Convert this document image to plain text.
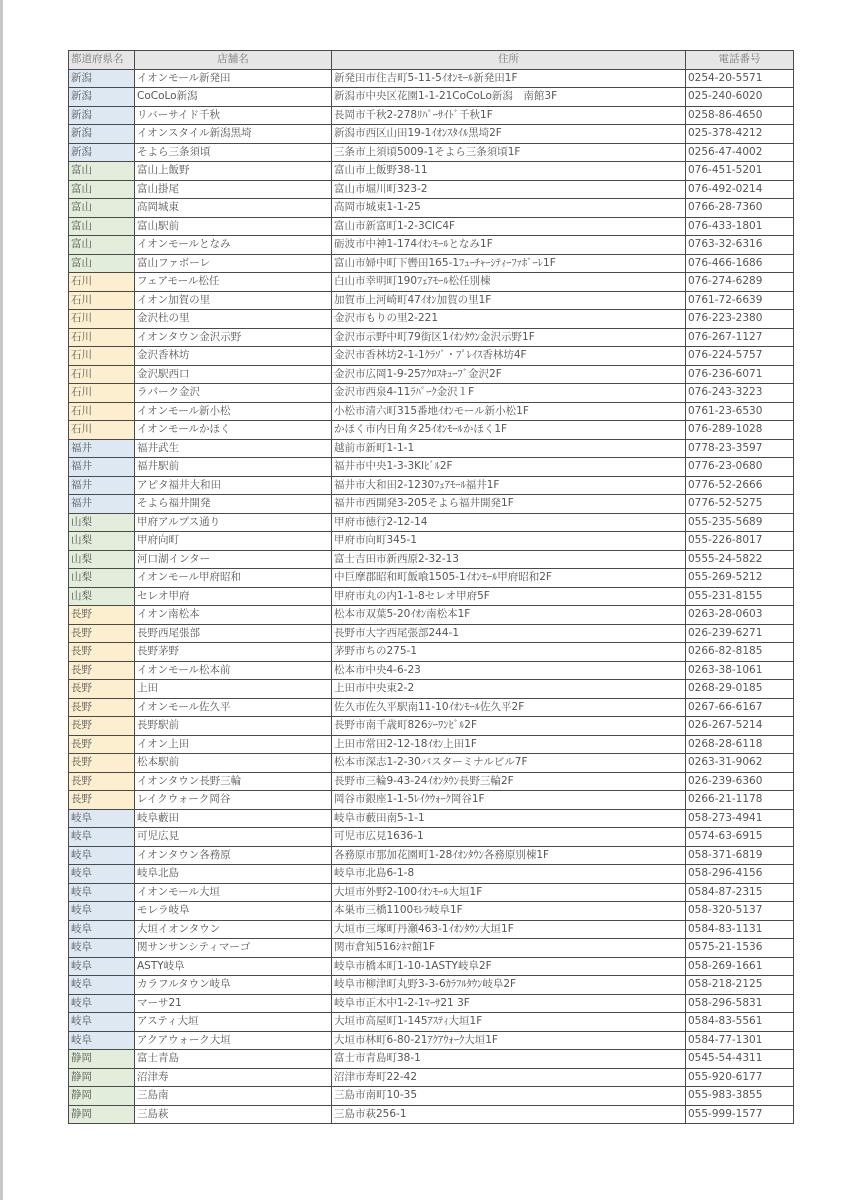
都道府県名	店舗名	住所	電話番号
新潟	イオンモール新発田	新発田市住吉町5-11-5ｲｵﾝﾓｰﾙ新発田1F	0254-20-5571
新潟	CoCoLo新潟	新潟市中央区花園1-1-21CoCoLo新潟　南館3F	025-240-6020
新潟	リバーサイド千秋	長岡市千秋2-278ﾘﾊﾞｰｻｲﾄﾞ千秋1F	0258-86-4650
新潟	イオンスタイル新潟黒埼	新潟市西区山田19-1ｲｵﾝｽﾀｲﾙ黒埼2F	025-378-4212
新潟	そよら三条須頃	三条市上須頃5009-1そよら三条須頃1F	0256-47-4002
富山	富山上飯野	富山市上飯野38-11	076-451-5201
富山	富山掛尾	富山市堀川町323-2	076-492-0214
富山	高岡城東	高岡市城東1-1-25	0766-28-7360
富山	富山駅前	富山市新富町1-2-3CIC4F	076-433-1801
富山	イオンモールとなみ	砺波市中神1-174ｲｵﾝﾓｰﾙとなみ1F	0763-32-6316
富山	富山ファボーレ	富山市婦中町下轡田165-1ﾌｭｰﾁｬｰｼﾃｨｰﾌｧﾎﾞｰﾚ1F	076-466-1686
石川	フェアモール松任	白山市幸明町190ﾌｪｱﾓｰﾙ松任別棟	076-274-6289
石川	イオン加賀の里	加賀市上河崎町47ｲｵﾝ加賀の里1F	0761-72-6639
石川	金沢杜の里	金沢市もりの里2-221	076-223-2380
石川	イオンタウン金沢示野	金沢市示野中町79街区1ｲｵﾝﾀｳﾝ金沢示野1F	076-267-1127
石川	金沢香林坊	金沢市香林坊2-1-1ｸﾗｿﾞ・ﾌﾟﾚｲｽ香林坊4F	076-224-5757
石川	金沢駅西口	金沢市広岡1-9-25ｱｸﾛｽｷｭｰﾌﾞ金沢2F	076-236-6071
石川	ラパーク金沢	金沢市西泉4-11ﾗﾊﾟｰｸ金沢１F	076-243-3223
石川	イオンモール新小松	小松市清六町315番地ｲｵﾝモール新小松1F	0761-23-6530
石川	イオンモールかほく	かほく市内日角タ25ｲｵﾝﾓｰﾙかほく1F	076-289-1028
福井	福井武生	越前市新町1-1-1	0778-23-3597
福井	福井駅前	福井市中央1-3-3KIﾋﾞﾙ2F	0776-23-0680
福井	アピタ福井大和田	福井市大和田2-1230ﾌｪｱﾓｰﾙ福井1F	0776-52-2666
福井	そよら福井開発	福井市西開発3-205そよら福井開発1F	0776-52-5275
山梨	甲府アルプス通り	甲府市徳行2-12-14	055-235-5689
山梨	甲府向町	甲府市向町345-1	055-226-8017
山梨	河口湖インター	富士吉田市新西原2-32-13	0555-24-5822
山梨	イオンモール甲府昭和	中巨摩郡昭和町飯喰1505-1ｲｵﾝﾓｰﾙ甲府昭和2F	055-269-5212
山梨	セレオ甲府	甲府市丸の内1-1-8セレオ甲府5F	055-231-8155
長野	イオン南松本	松本市双葉5-20ｲｵﾝ南松本1F	0263-28-0603
長野	長野西尾張部	長野市大字西尾張部244-1	026-239-6271
長野	長野茅野	茅野市ちの275-1	0266-82-8185
長野	イオンモール松本前	松本市中央4-6-23	0263-38-1061
長野	上田	上田市中央東2-2	0268-29-0185
長野	イオンモール佐久平	佐久市佐久平駅南11-10ｲｵﾝﾓｰﾙ佐久平2F	0267-66-6167
長野	長野駅前	長野市南千歳町826ｼｰﾜﾝﾋﾞﾙ2F	026-267-5214
長野	イオン上田	上田市常田2-12-18ｲｵﾝ上田1F	0268-28-6118
長野	松本駅前	松本市深志1-2-30バスターミナルビル7F	0263-31-9062
長野	イオンタウン長野三輪	長野市三輪9-43-24ｲｵﾝﾀｳﾝ長野三輪2F	026-239-6360
長野	レイクウォーク岡谷	岡谷市銀座1-1-5ﾚｲｸｳｫｰｸ岡谷1F	0266-21-1178
岐阜	岐阜藪田	岐阜市藪田南5-1-1	058-273-4941
岐阜	可児広見	可児市広見1636-1	0574-63-6915
岐阜	イオンタウン各務原	各務原市那加花園町1-28ｲｵﾝﾀｳﾝ各務原別棟1F	058-371-6819
岐阜	岐阜北島	岐阜市北島6-1-8	058-296-4156
岐阜	イオンモール大垣	大垣市外野2-100ｲｵﾝﾓｰﾙ大垣1F	0584-87-2315
岐阜	モレラ岐阜	本巣市三橋1100ﾓﾚﾗ岐阜1F	058-320-5137
岐阜	大垣イオンタウン	大垣市三塚町丹瀬463-1ｲｵﾝﾀｳﾝ大垣1F	0584-83-1131
岐阜	関サンサンシティマーゴ	関市倉知516ｼﾈﾏ館1F	0575-21-1536
岐阜	ASTY岐阜	岐阜市橋本町1-10-1ASTY岐阜2F	058-269-1661
岐阜	カラフルタウン岐阜	岐阜市柳津町丸野3-3-6ｶﾗﾌﾙﾀｳﾝ岐阜2F	058-218-2125
岐阜	マーサ21	岐阜市正木中1-2-1ﾏｰｻ21 3F	058-296-5831
岐阜	アスティ大垣	大垣市高屋町1-145ｱｽﾃｨ大垣1F	0584-83-5561
岐阜	アクアウォーク大垣	大垣市林町6-80-21ｱｸｱｳｫｰｸ大垣1F	0584-77-1301
静岡	富士青島	富士市青島町38-1	0545-54-4311
静岡	沼津寿	沼津市寿町22-42	055-920-6177
静岡	三島南	三島市南町10-35	055-983-3855
静岡	三島萩	三島市萩256-1	055-999-1577
